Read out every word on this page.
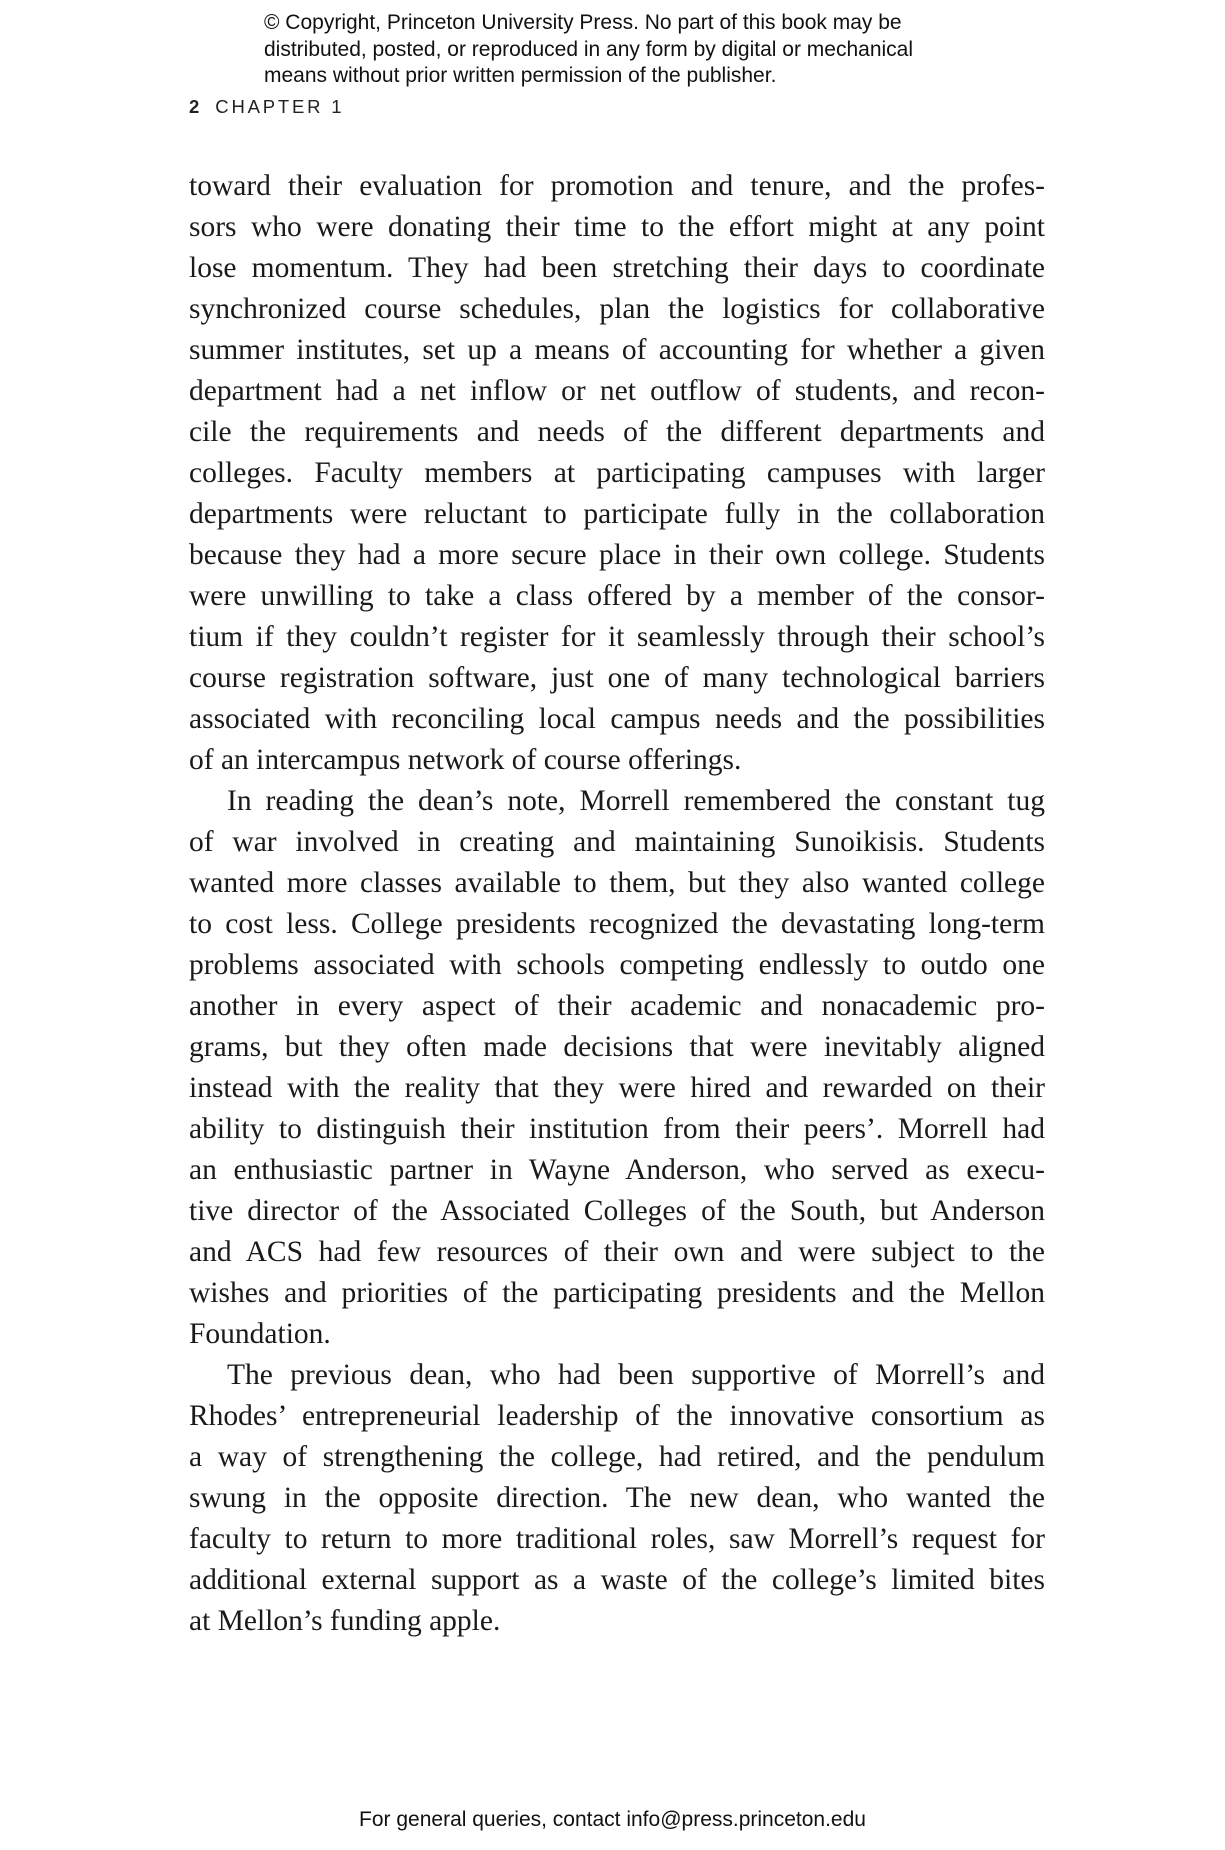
© Copyright, Princeton University Press. No part of this book may be
distributed, posted, or reproduced in any form by digital or mechanical
means without prior written permission of the publisher.
2 CHAPTER 1

toward their evaluation for promotion and tenure, and the profes-
sors who were donating their time to the effort might at any point
lose momentum. They had been stretching their days to coordinate
synchronized course schedules, plan the logistics for collaborative
summer institutes, set up a means of accounting for whether a given
department had a net inflow or net outflow of students, and recon-
cile the requirements and needs of the different departments and
colleges. Faculty members at participating campuses with larger
departments were reluctant to participate fully in the collaboration
because they had a more secure place in their own college. Students
were unwilling to take a class offered by a member of the consor-
tium if they couldn’t register for it seamlessly through their school’s
course registration software, just one of many technological barriers
associated with reconciling local campus needs and the possibilities
of an intercampus network of course offerings.

In reading the dean’s note, Morrell remembered the constant tug
of war involved in creating and maintaining Sunoikisis. Students
wanted more classes available to them, but they also wanted college
to cost less. College presidents recognized the devastating long-term
problems associated with schools competing endlessly to outdo one
another in every aspect of their academic and nonacademic pro-
grams, but they often made decisions that were inevitably aligned
instead with the reality that they were hired and rewarded on their
ability to distinguish their institution from their peers’. Morrell had
an enthusiastic partner in Wayne Anderson, who served as execu-
tive director of the Associated Colleges of the South, but Anderson
and ACS had few resources of their own and were subject to the
wishes and priorities of the participating presidents and the Mellon
Foundation.

The previous dean, who had been supportive of Morrell’s and
Rhodes’ entrepreneurial leadership of the innovative consortium as
a way of strengthening the college, had retired, and the pendulum
swung in the opposite direction. The new dean, who wanted the
faculty to return to more traditional roles, saw Morrell’s request for
additional external support as a waste of the college’s limited bites
at Mellon’s funding apple.

For general queries, contact info@press.princeton.edu
